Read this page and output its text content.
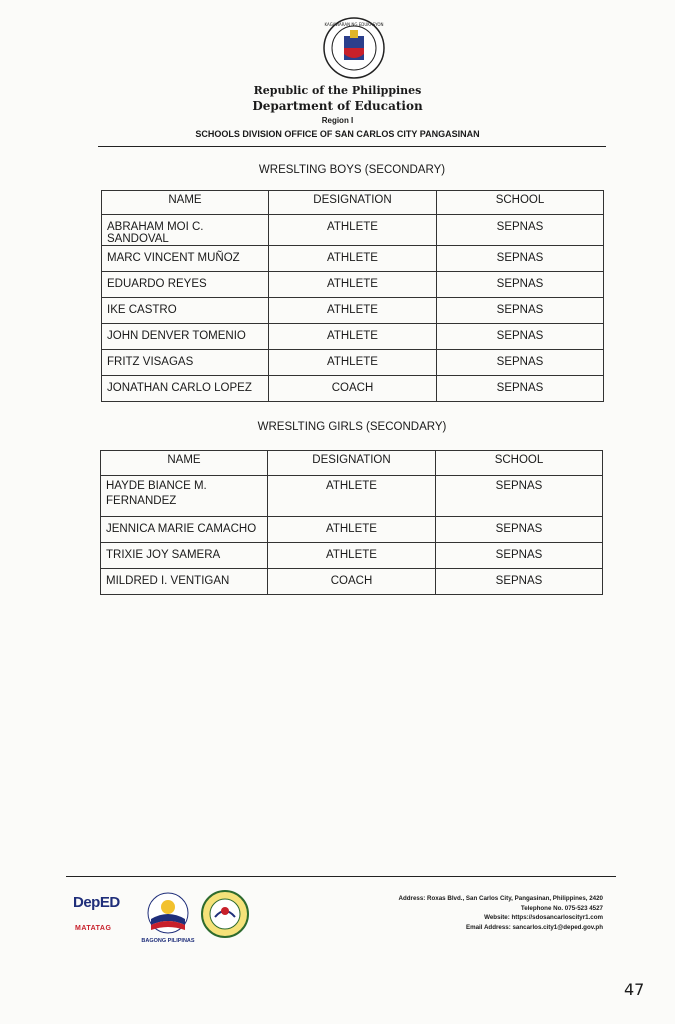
KAGAWARAN NG EDUKASYON
Republic of the Philippines
Department of Education
Region I
SCHOOLS DIVISION OFFICE OF SAN CARLOS CITY PANGASINAN
WRESLTING BOYS (SECONDARY)
NAME	DESIGNATION	SCHOOL
ABRAHAM MOI C. SANDOVAL	ATHLETE	SEPNAS
MARC VINCENT MUÑOZ	ATHLETE	SEPNAS
EDUARDO REYES	ATHLETE	SEPNAS
IKE CASTRO	ATHLETE	SEPNAS
JOHN DENVER TOMENIO	ATHLETE	SEPNAS
FRITZ VISAGAS	ATHLETE	SEPNAS
JONATHAN CARLO LOPEZ	COACH	SEPNAS
WRESLTING GIRLS (SECONDARY)
NAME	DESIGNATION	SCHOOL
HAYDE BIANCE M. FERNANDEZ	ATHLETE	SEPNAS
JENNICA MARIE CAMACHO	ATHLETE	SEPNAS
TRIXIE JOY SAMERA	ATHLETE	SEPNAS
MILDRED I. VENTIGAN	COACH	SEPNAS
DepED
MATATAG
BAGONG PILIPINAS
Address: Roxas Blvd., San Carlos City, Pangasinan, Philippines, 2420
Telephone No. 075-523 4527
Website: https://sdosancarloscityr1.com
Email Address: sancarlos.city1@deped.gov.ph
47
